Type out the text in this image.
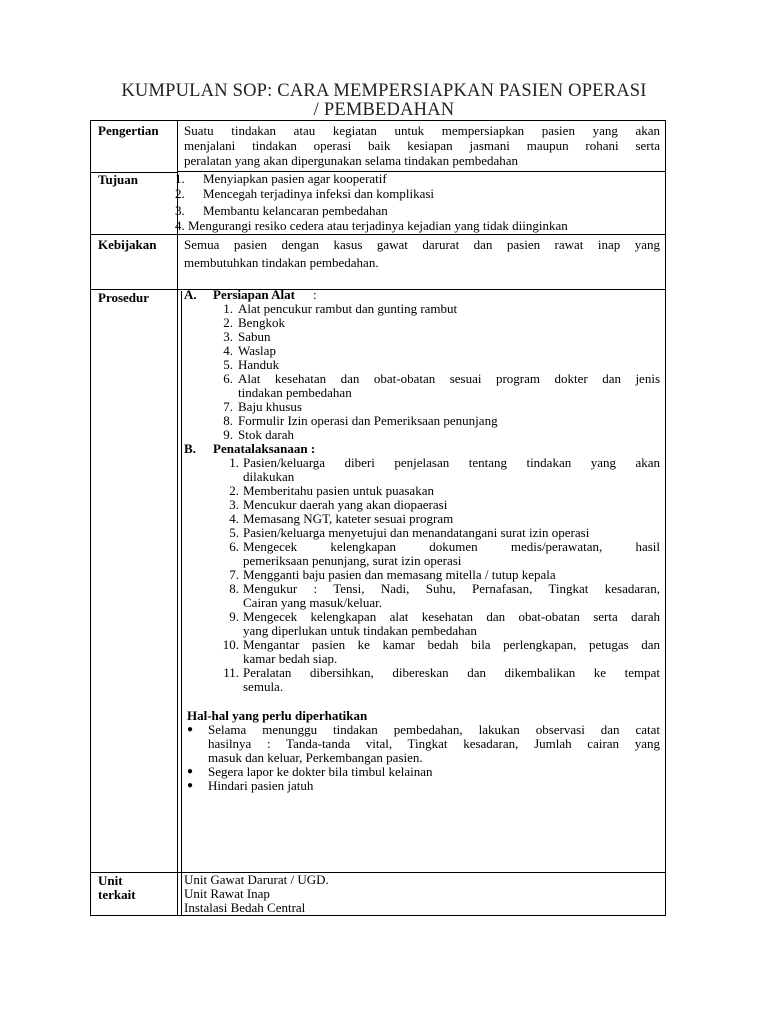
KUMPULAN SOP: CARA MEMPERSIAPKAN PASIEN OPERASI
/ PEMBEDAHAN
Pengertian Suatu tindakan atau kegiatan untuk mempersiapkan pasien yang akan
menjalani tindakan operasi baik kesiapan jasmani maupun rohani serta
peralatan yang akan dipergunakan selama tindakan pembedahan
Tujuan	1. Menyiapkan pasien agar kooperatif
2. Mencegah terjadinya infeksi dan komplikasi
3. Membantu kelancaran pembedahan
4. Mengurangi resiko cedera atau terjadinya kejadian yang tidak diinginkan
Kebijakan Semua pasien dengan kasus gawat darurat dan pasien rawat inap yang
membutuhkan tindakan pembedahan.
Prosedur	A. Persiapan Alat :
1. Alat pencukur rambut dan gunting rambut
2. Bengkok
3. Sabun
4. Waslap
5. Handuk
6. Alat kesehatan dan obat-obatan sesuai program dokter dan jenis
tindakan pembedahan
7. Baju khusus
8. Formulir Izin operasi dan Pemeriksaan penunjang
9. Stok darah
B. Penatalaksanaan :
1. Pasien/keluarga diberi penjelasan tentang tindakan yang akan
dilakukan
2. Memberitahu pasien untuk puasakan
3. Mencukur daerah yang akan diopaerasi
4. Memasang NGT, kateter sesuai program
5. Pasien/keluarga menyetujui dan menandatangani surat izin operasi
6. Mengecek kelengkapan dokumen medis/perawatan, hasil
pemeriksaan penunjang, surat izin operasi
7. Mengganti baju pasien dan memasang mitella / tutup kepala
8. Mengukur : Tensi, Nadi, Suhu, Pernafasan, Tingkat kesadaran,
Cairan yang masuk/keluar.
9. Mengecek kelengkapan alat kesehatan dan obat-obatan serta darah
yang diperlukan untuk tindakan pembedahan
10. Mengantar pasien ke kamar bedah bila perlengkapan, petugas dan
kamar bedah siap.
11. Peralatan dibersihkan, dibereskan dan dikembalikan ke tempat
semula.
Hal-hal yang perlu diperhatikan
● Selama menunggu tindakan pembedahan, lakukan observasi dan catat
hasilnya : Tanda-tanda vital, Tingkat kesadaran, Jumlah cairan yang
masuk dan keluar, Perkembangan pasien.
● Segera lapor ke dokter bila timbul kelainan
● Hindari pasien jatuh
Unit
terkait
Unit Gawat Darurat / UGD.
Unit Rawat Inap
Instalasi Bedah Central
